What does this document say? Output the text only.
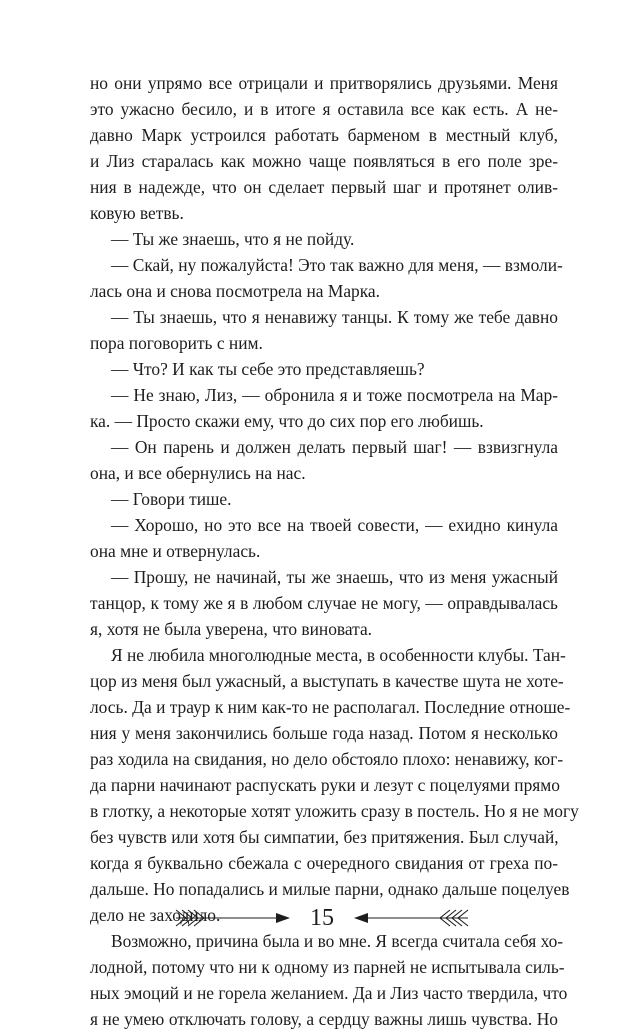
но они упрямо все отрицали и притворялись друзьями. Меня
это ужасно бесило, и в итоге я оставила все как есть. А не-
давно Марк устроился работать барменом в местный клуб,
и Лиз старалась как можно чаще появляться в его поле зре-
ния в надежде, что он сделает первый шаг и протянет олив-
ковую ветвь.
— Ты же знаешь, что я не пойду.
— Скай, ну пожалуйста! Это так важно для меня, — взмоли-
лась она и снова посмотрела на Марка.
— Ты знаешь, что я ненавижу танцы. К тому же тебе давно
пора поговорить с ним.
— Что? И как ты себе это представляешь?
— Не знаю, Лиз, — обронила я и тоже посмотрела на Мар-
ка. — Просто скажи ему, что до сих пор его любишь.
— Он парень и должен делать первый шаг! — взвизгнула
она, и все обернулись на нас.
— Говори тише.
— Хорошо, но это все на твоей совести, — ехидно кинула
она мне и отвернулась.
— Прошу, не начинай, ты же знаешь, что из меня ужасный
танцор, к тому же я в любом случае не могу, — оправдывалась
я, хотя не была уверена, что виновата.
Я не любила многолюдные места, в особенности клубы. Тан-
цор из меня был ужасный, а выступать в качестве шута не хоте-
лось. Да и траур к ним как-то не располагал. Последние отноше-
ния у меня закончились больше года назад. Потом я несколько
раз ходила на свидания, но дело обстояло плохо: ненавижу, ког-
да парни начинают распускать руки и лезут с поцелуями прямо
в глотку, а некоторые хотят уложить сразу в постель. Но я не могу
без чувств или хотя бы симпатии, без притяжения. Был случай,
когда я буквально сбежала с очередного свидания от греха по-
дальше. Но попадались и милые парни, однако дальше поцелуев
дело не заходило.
Возможно, причина была и во мне. Я всегда считала себя хо-
лодной, потому что ни к одному из парней не испытывала силь-
ных эмоций и не горела желанием. Да и Лиз часто твердила, что
я не умею отключать голову, а сердцу важны лишь чувства. Но
15
